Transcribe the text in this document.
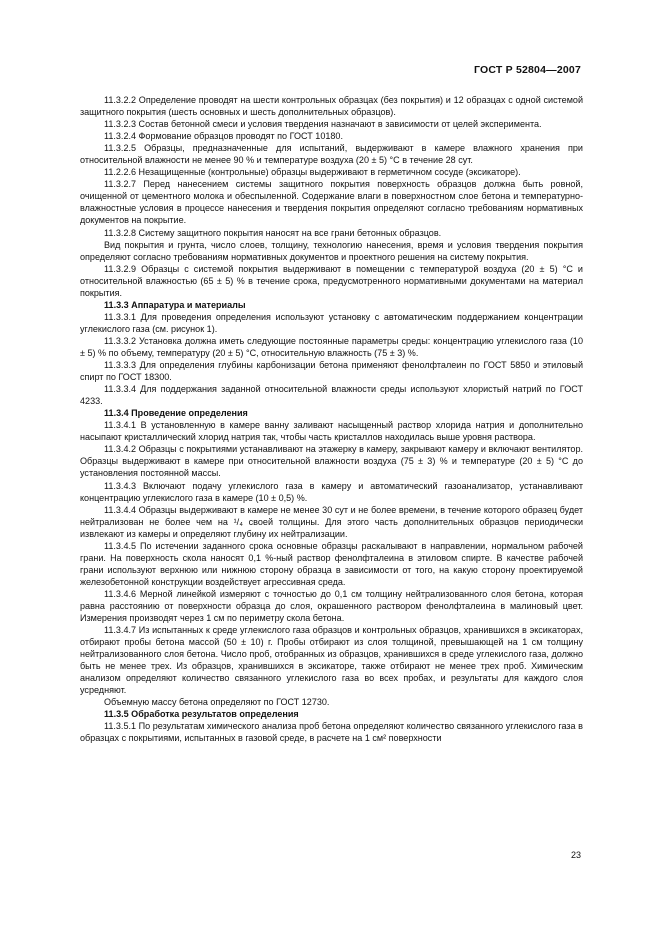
ГОСТ Р 52804—2007

11.3.2.2 Определение проводят на шести контрольных образцах (без покрытия) и 12 образцах с одной системой защитного покрытия (шесть основных и шесть дополнительных образцов).

11.3.2.3 Состав бетонной смеси и условия твердения назначают в зависимости от целей эксперимента.

11.3.2.4 Формование образцов проводят по ГОСТ 10180.

11.3.2.5 Образцы, предназначенные для испытаний, выдерживают в камере влажного хранения при относительной влажности не менее 90 % и температуре воздуха (20 ± 5) °С в течение 28 сут.

11.2.2.6 Незащищенные (контрольные) образцы выдерживают в герметичном сосуде (эксикаторе).

11.3.2.7 Перед нанесением системы защитного покрытия поверхность образцов должна быть ровной, очищенной от цементного молока и обеспыленной. Содержание влаги в поверхностном слое бетона и температурно-влажностные условия в процессе нанесения и твердения покрытия определяют согласно требованиям нормативных документов на покрытие.

11.3.2.8 Систему защитного покрытия наносят на все грани бетонных образцов.

Вид покрытия и грунта, число слоев, толщину, технологию нанесения, время и условия твердения покрытия определяют согласно требованиям нормативных документов и проектного решения на систему покрытия.

11.3.2.9 Образцы с системой покрытия выдерживают в помещении с температурой воздуха (20 ± 5) °С и относительной влажностью (65 ± 5) % в течение срока, предусмотренного нормативными документами на материал покрытия.

11.3.3 Аппаратура и материалы

11.3.3.1 Для проведения определения используют установку с автоматическим поддержанием концентрации углекислого газа (см. рисунок 1).

11.3.3.2 Установка должна иметь следующие постоянные параметры среды: концентрацию углекислого газа (10 ± 5) % по объему, температуру (20 ± 5) °С, относительную влажность (75 ± 3) %.

11.3.3.3 Для определения глубины карбонизации бетона применяют фенолфталеин по ГОСТ 5850 и этиловый спирт по ГОСТ 18300.

11.3.3.4 Для поддержания заданной относительной влажности среды используют хлористый натрий по ГОСТ 4233.

11.3.4 Проведение определения

11.3.4.1 В установленную в камере ванну заливают насыщенный раствор хлорида натрия и дополнительно насыпают кристаллический хлорид натрия так, чтобы часть кристаллов находилась выше уровня раствора.

11.3.4.2 Образцы с покрытиями устанавливают на этажерку в камеру, закрывают камеру и включают вентилятор. Образцы выдерживают в камере при относительной влажности воздуха (75 ± 3) % и температуре (20 ± 5) °С до установления постоянной массы.

11.3.4.3 Включают подачу углекислого газа в камеру и автоматический газоанализатор, устанавливают концентрацию углекислого газа в камере (10 ± 0,5) %.

11.3.4.4 Образцы выдерживают в камере не менее 30 сут и не более времени, в течение которого образец будет нейтрализован не более чем на ¹/₄ своей толщины. Для этого часть дополнительных образцов периодически извлекают из камеры и определяют глубину их нейтрализации.

11.3.4.5 По истечении заданного срока основные образцы раскалывают в направлении, нормальном рабочей грани. На поверхность скола наносят 0,1 %-ный раствор фенолфталеина в этиловом спирте. В качестве рабочей грани используют верхнюю или нижнюю сторону образца в зависимости от того, на какую сторону проектируемой железобетонной конструкции воздействует агрессивная среда.

11.3.4.6 Мерной линейкой измеряют с точностью до 0,1 см толщину нейтрализованного слоя бетона, которая равна расстоянию от поверхности образца до слоя, окрашенного раствором фенолфталеина в малиновый цвет. Измерения производят через 1 см по периметру скола бетона.

11.3.4.7 Из испытанных к среде углекислого газа образцов и контрольных образцов, хранившихся в эксикаторах, отбирают пробы бетона массой (50 ± 10) г. Пробы отбирают из слоя толщиной, превышающей на 1 см толщину нейтрализованного слоя бетона. Число проб, отобранных из образцов, хранившихся в среде углекислого газа, должно быть не менее трех. Из образцов, хранившихся в эксикаторе, также отбирают не менее трех проб. Химическим анализом определяют количество связанного углекислого газа во всех пробах, и результаты для каждого слоя усредняют.

Объемную массу бетона определяют по ГОСТ 12730.

11.3.5 Обработка результатов определения

11.3.5.1 По результатам химического анализа проб бетона определяют количество связанного углекислого газа в образцах с покрытиями, испытанных в газовой среде, в расчете на 1 см² поверхности

23
